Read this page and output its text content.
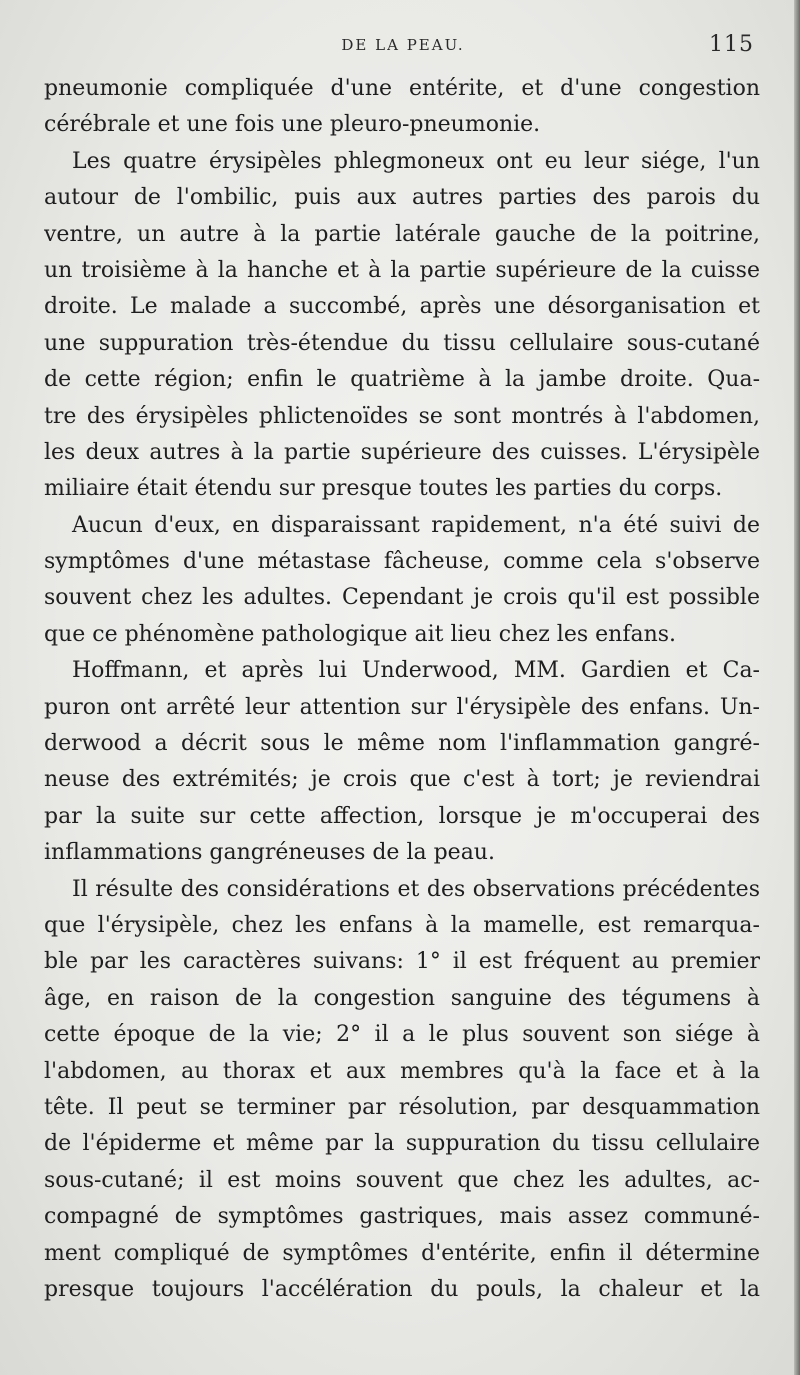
DE LA PEAU.	115
pneumonie compliquée d'une entérite, et d'une congestion
cérébrale et une fois une pleuro-pneumonie.
Les quatre érysipèles phlegmoneux ont eu leur siége, l'un
autour de l'ombilic, puis aux autres parties des parois du
ventre, un autre à la partie latérale gauche de la poitrine,
un troisième à la hanche et à la partie supérieure de la cuisse
droite. Le malade a succombé, après une désorganisation et
une suppuration très-étendue du tissu cellulaire sous-cutané
de cette région; enfin le quatrième à la jambe droite. Qua-
tre des érysipèles phlictenoïdes se sont montrés à l'abdomen,
les deux autres à la partie supérieure des cuisses. L'érysipèle
miliaire était étendu sur presque toutes les parties du corps.
Aucun d'eux, en disparaissant rapidement, n'a été suivi de
symptômes d'une métastase fâcheuse, comme cela s'observe
souvent chez les adultes. Cependant je crois qu'il est possible
que ce phénomène pathologique ait lieu chez les enfans.
Hoffmann, et après lui Underwood, MM. Gardien et Ca-
puron ont arrêté leur attention sur l'érysipèle des enfans. Un-
derwood a décrit sous le même nom l'inflammation gangré-
neuse des extrémités; je crois que c'est à tort; je reviendrai
par la suite sur cette affection, lorsque je m'occuperai des
inflammations gangréneuses de la peau.
Il résulte des considérations et des observations précédentes
que l'érysipèle, chez les enfans à la mamelle, est remarqua-
ble par les caractères suivans: 1° il est fréquent au premier
âge, en raison de la congestion sanguine des tégumens à
cette époque de la vie; 2° il a le plus souvent son siége à
l'abdomen, au thorax et aux membres qu'à la face et à la
tête. Il peut se terminer par résolution, par desquammation
de l'épiderme et même par la suppuration du tissu cellulaire
sous-cutané; il est moins souvent que chez les adultes, ac-
compagné de symptômes gastriques, mais assez communé-
ment compliqué de symptômes d'entérite, enfin il détermine
presque toujours l'accélération du pouls, la chaleur et la
